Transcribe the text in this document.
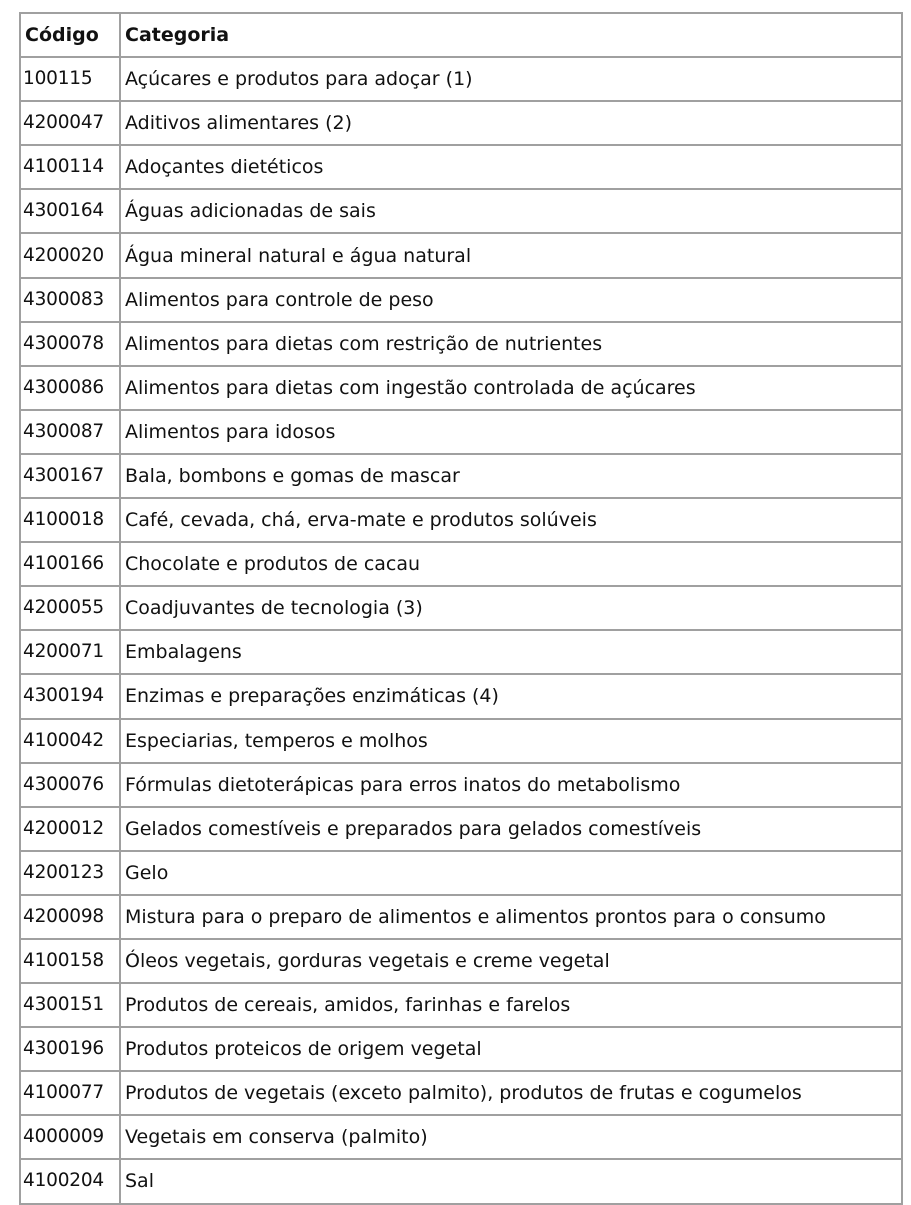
Código	Categoria
100115	Açúcares e produtos para adoçar (1)
4200047	Aditivos alimentares (2)
4100114	Adoçantes dietéticos
4300164	Águas adicionadas de sais
4200020	Água mineral natural e água natural
4300083	Alimentos para controle de peso
4300078	Alimentos para dietas com restrição de nutrientes
4300086	Alimentos para dietas com ingestão controlada de açúcares
4300087	Alimentos para idosos
4300167	Bala, bombons e gomas de mascar
4100018	Café, cevada, chá, erva-mate e produtos solúveis
4100166	Chocolate e produtos de cacau
4200055	Coadjuvantes de tecnologia (3)
4200071	Embalagens
4300194	Enzimas e preparações enzimáticas (4)
4100042	Especiarias, temperos e molhos
4300076	Fórmulas dietoterápicas para erros inatos do metabolismo
4200012	Gelados comestíveis e preparados para gelados comestíveis
4200123	Gelo
4200098	Mistura para o preparo de alimentos e alimentos prontos para o consumo
4100158	Óleos vegetais, gorduras vegetais e creme vegetal
4300151	Produtos de cereais, amidos, farinhas e farelos
4300196	Produtos proteicos de origem vegetal
4100077	Produtos de vegetais (exceto palmito), produtos de frutas e cogumelos
4000009	Vegetais em conserva (palmito)
4100204	Sal
